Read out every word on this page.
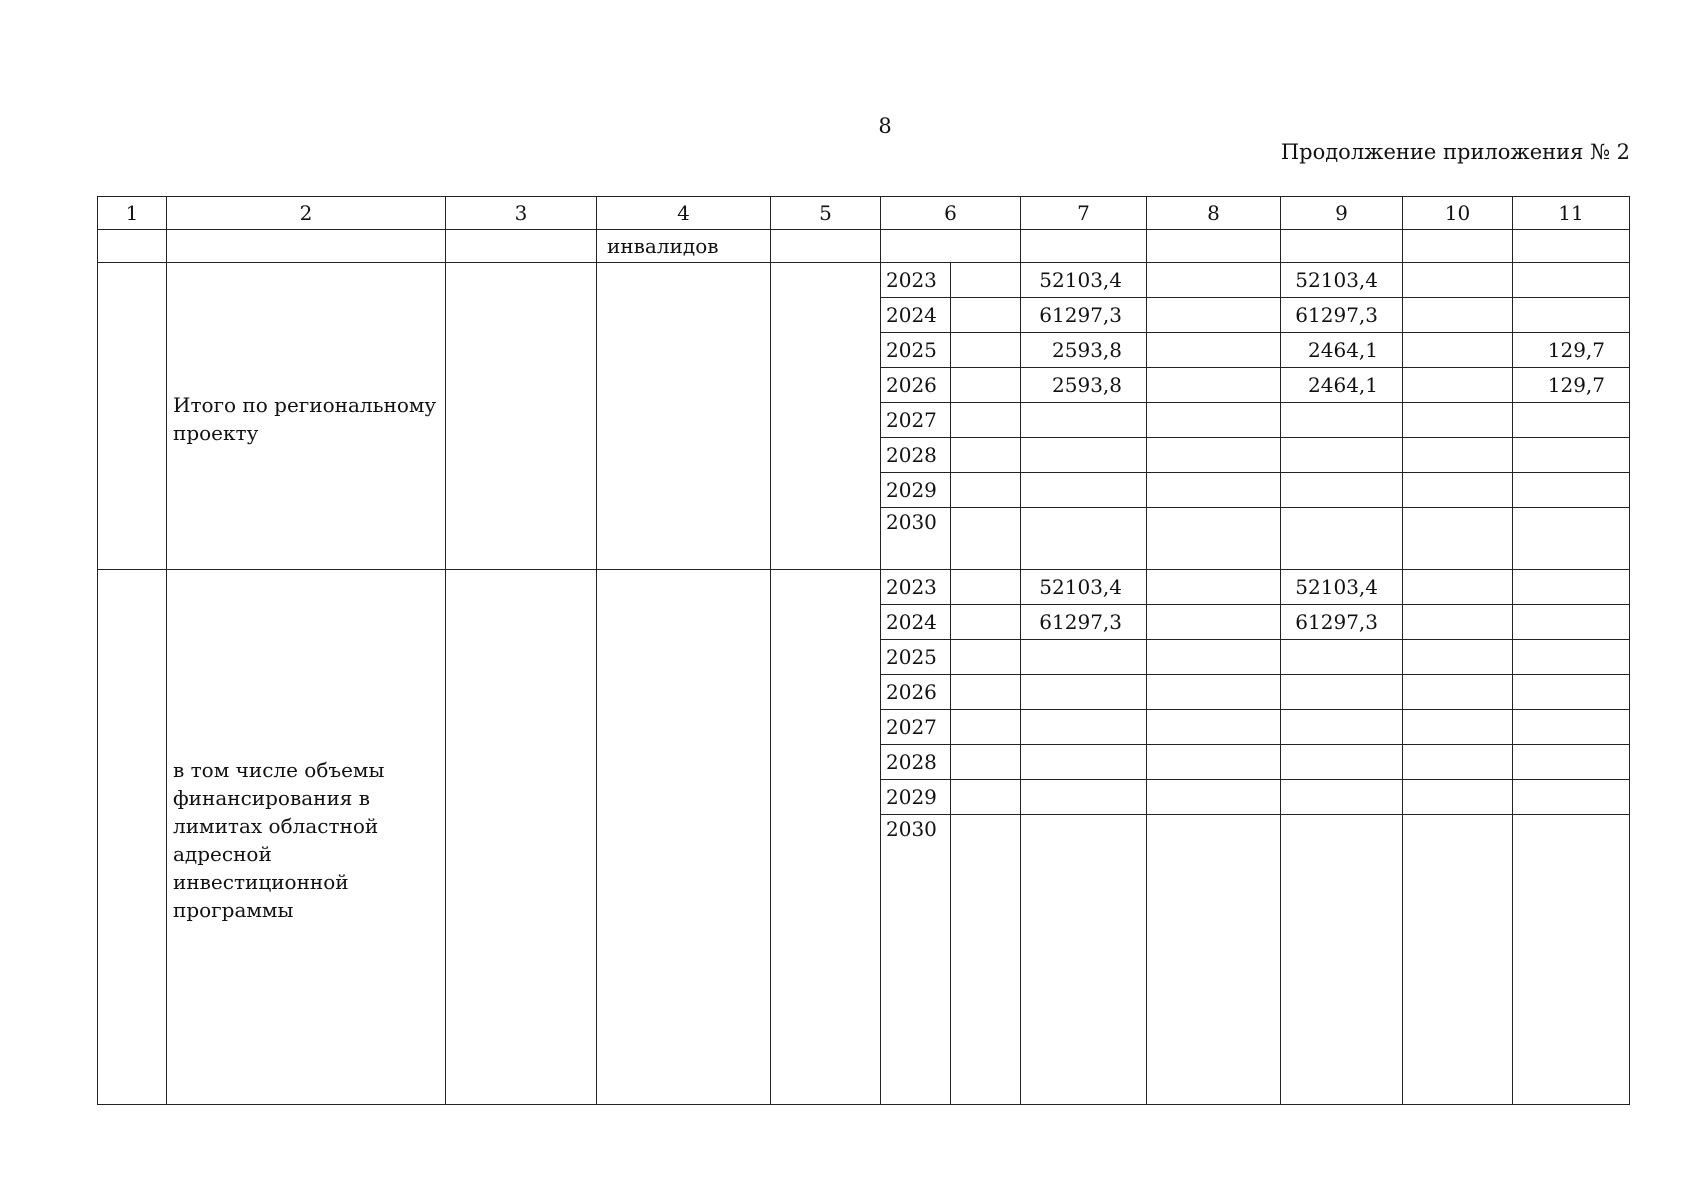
8
Продолжение приложения № 2
1	2	3	4	5	6		7	8	9	10	11
			инвалидов								
	Итого по региональному проекту				2023		52103,4		52103,4		
					2024		61297,3		61297,3		
					2025		2593,8		2464,1		129,7
					2026		2593,8		2464,1		129,7
					2027						
					2028						
					2029						
					2030						
	в том числе объемы финансирования в лимитах областной адресной инвестиционной программы				2023		52103,4		52103,4		
					2024		61297,3		61297,3		
					2025						
					2026						
					2027						
					2028						
					2029						
					2030						
